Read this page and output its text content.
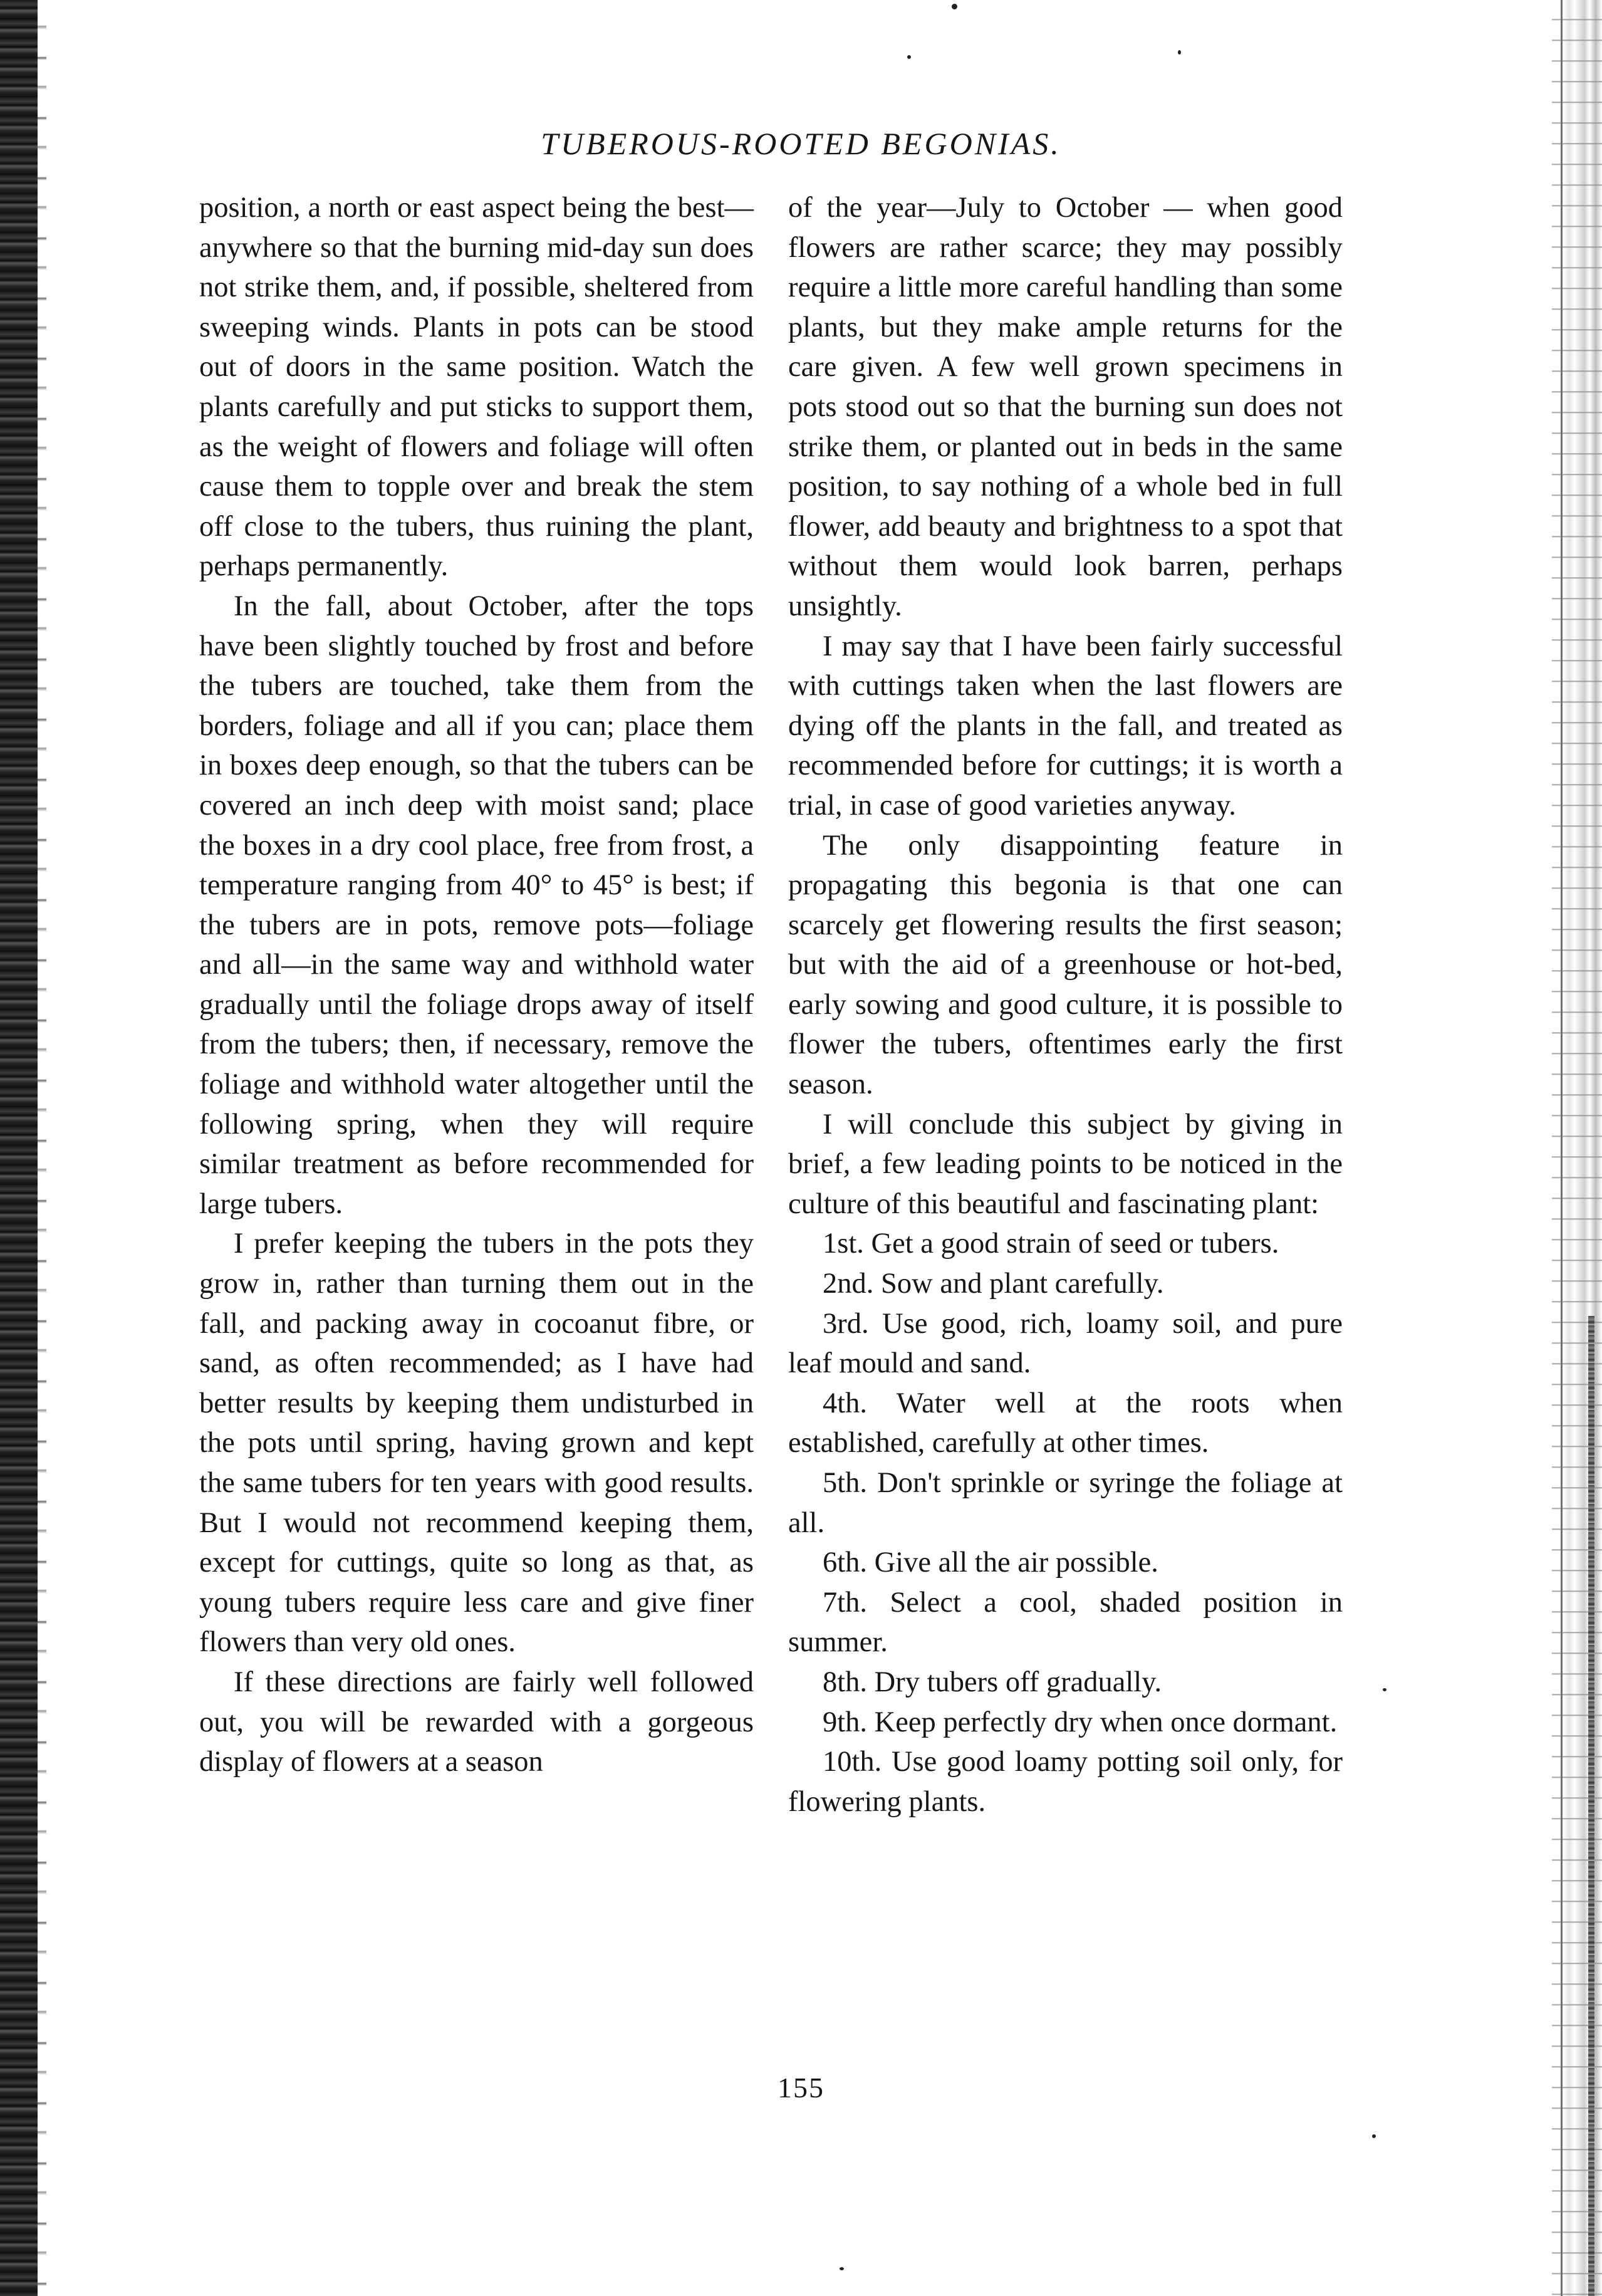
TUBEROUS-ROOTED BEGONIAS.

position, a north or east aspect being the best—anywhere so that the burning mid-day sun does not strike them, and, if possible, sheltered from sweeping winds. Plants in pots can be stood out of doors in the same position. Watch the plants carefully and put sticks to support them, as the weight of flowers and foliage will often cause them to topple over and break the stem off close to the tubers, thus ruining the plant, perhaps permanently.

In the fall, about October, after the tops have been slightly touched by frost and before the tubers are touched, take them from the borders, foliage and all if you can; place them in boxes deep enough, so that the tubers can be covered an inch deep with moist sand; place the boxes in a dry cool place, free from frost, a temperature ranging from 40° to 45° is best; if the tubers are in pots, remove pots—foliage and all—in the same way and withhold water gradually until the foliage drops away of itself from the tubers; then, if necessary, remove the foliage and withhold water altogether until the following spring, when they will require similar treatment as before recommended for large tubers.

I prefer keeping the tubers in the pots they grow in, rather than turning them out in the fall, and packing away in cocoanut fibre, or sand, as often recommended; as I have had better results by keeping them undisturbed in the pots until spring, having grown and kept the same tubers for ten years with good results. But I would not recommend keeping them, except for cuttings, quite so long as that, as young tubers require less care and give finer flowers than very old ones.

If these directions are fairly well followed out, you will be rewarded with a gorgeous display of flowers at a season

of the year—July to October — when good flowers are rather scarce; they may possibly require a little more careful handling than some plants, but they make ample returns for the care given. A few well grown specimens in pots stood out so that the burning sun does not strike them, or planted out in beds in the same position, to say nothing of a whole bed in full flower, add beauty and brightness to a spot that without them would look barren, perhaps unsightly.

I may say that I have been fairly successful with cuttings taken when the last flowers are dying off the plants in the fall, and treated as recommended before for cuttings; it is worth a trial, in case of good varieties anyway.

The only disappointing feature in propagating this begonia is that one can scarcely get flowering results the first season; but with the aid of a greenhouse or hot-bed, early sowing and good culture, it is possible to flower the tubers, oftentimes early the first season.

I will conclude this subject by giving in brief, a few leading points to be noticed in the culture of this beautiful and fascinating plant:

1st. Get a good strain of seed or tubers.

2nd. Sow and plant carefully.

3rd. Use good, rich, loamy soil, and pure leaf mould and sand.

4th. Water well at the roots when established, carefully at other times.

5th. Don't sprinkle or syringe the foliage at all.

6th. Give all the air possible.

7th. Select a cool, shaded position in summer.

8th. Dry tubers off gradually.

9th. Keep perfectly dry when once dormant.

10th. Use good loamy potting soil only, for flowering plants.

155
